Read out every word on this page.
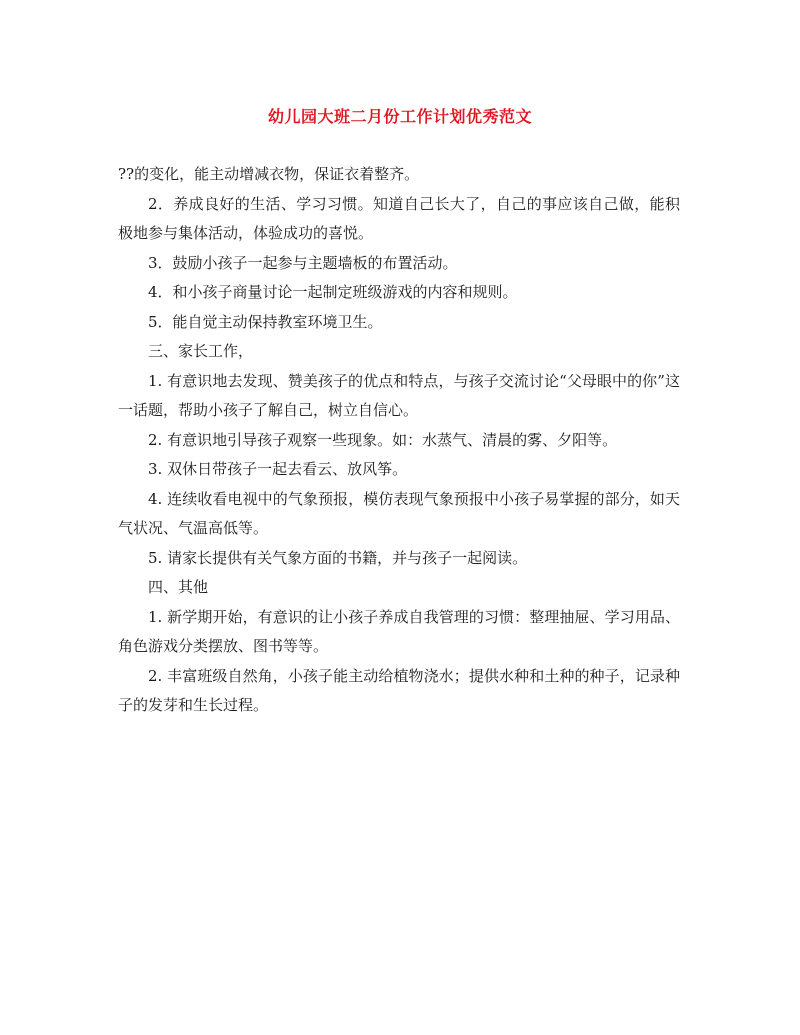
幼儿园大班二月份工作计划优秀范文

??的变化，能主动增减衣物，保证衣着整齐。

2．养成良好的生活、学习习惯。知道自己长大了，自己的事应该自己做，能积极地参与集体活动，体验成功的喜悦。

3．鼓励小孩子一起参与主题墙板的布置活动。

4．和小孩子商量讨论一起制定班级游戏的内容和规则。

5．能自觉主动保持教室环境卫生。

三、家长工作，

1. 有意识地去发现、赞美孩子的优点和特点，与孩子交流讨论“父母眼中的你”这一话题，帮助小孩子了解自己，树立自信心。

2. 有意识地引导孩子观察一些现象。如：水蒸气、清晨的雾、夕阳等。

3. 双休日带孩子一起去看云、放风筝。

4. 连续收看电视中的气象预报，模仿表现气象预报中小孩子易掌握的部分，如天气状况、气温高低等。

5. 请家长提供有关气象方面的书籍，并与孩子一起阅读。

四、其他

1. 新学期开始，有意识的让小孩子养成自我管理的习惯：整理抽屉、学习用品、角色游戏分类摆放、图书等等。

2. 丰富班级自然角，小孩子能主动给植物浇水；提供水种和土种的种子，记录种子的发芽和生长过程。
